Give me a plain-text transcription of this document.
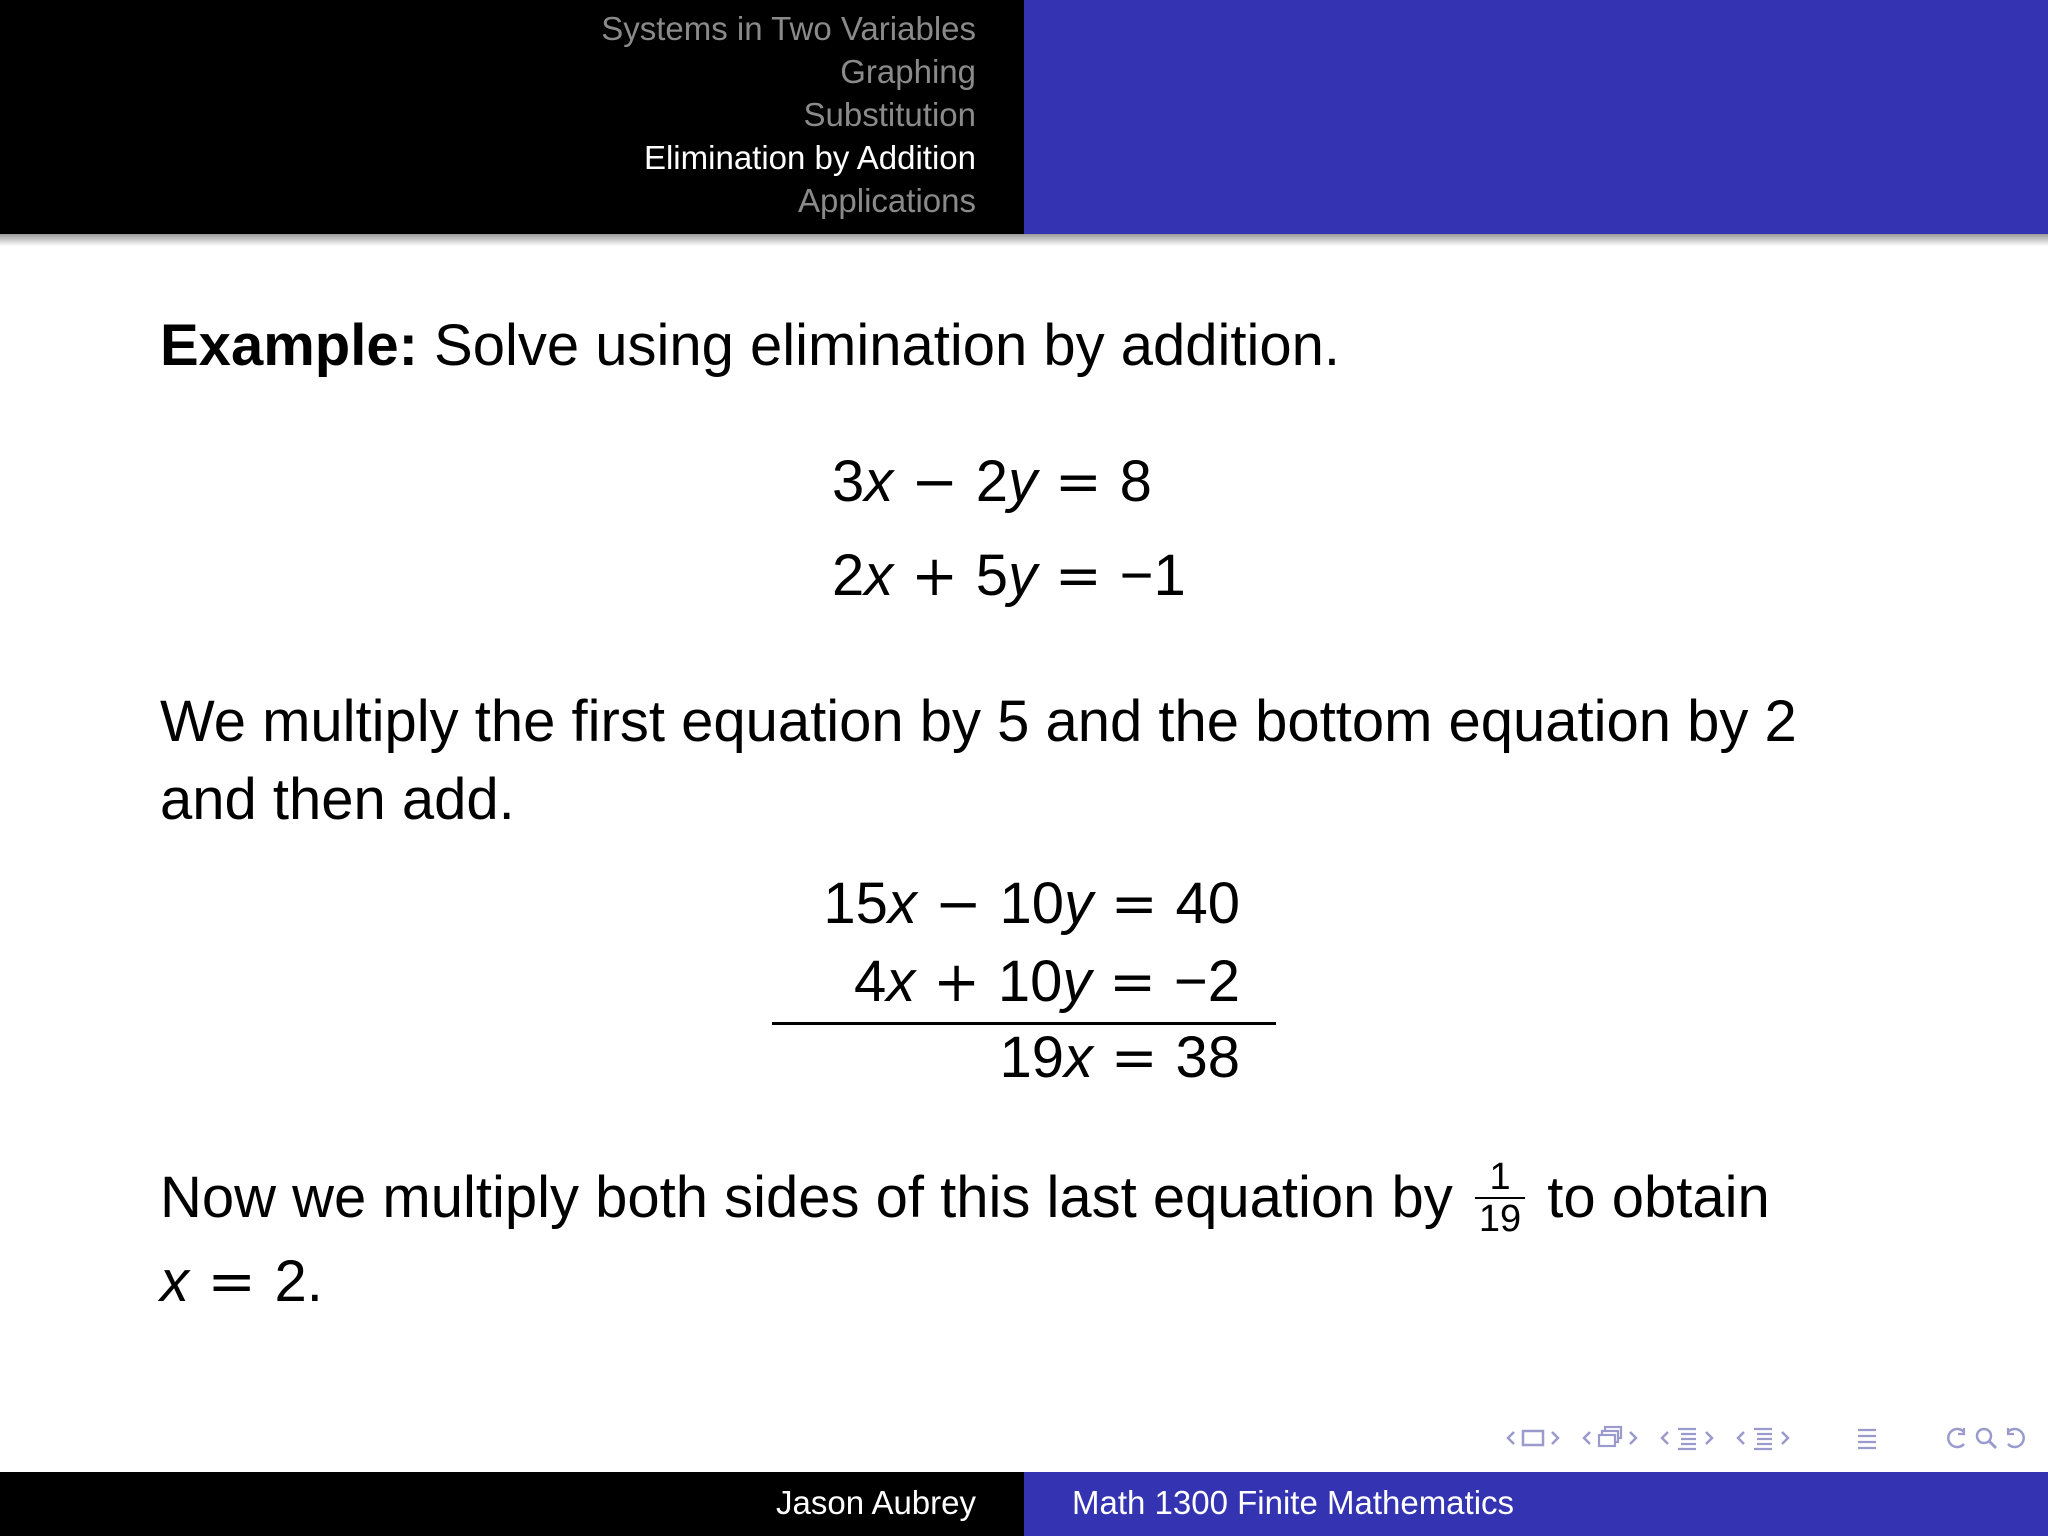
Systems in Two Variables
Graphing
Substitution
Elimination by Addition
Applications
Example: Solve using elimination by addition.
3x − 2y = 8
2x + 5y = −1
We multiply the first equation by 5 and the bottom equation by 2
and then add.
15x − 10y = 40
4x + 10y = −2
19x = 38
Now we multiply both sides of this last equation by $\frac{1}{19}$ to obtain
x = 2.
Jason Aubrey	Math 1300 Finite Mathematics
